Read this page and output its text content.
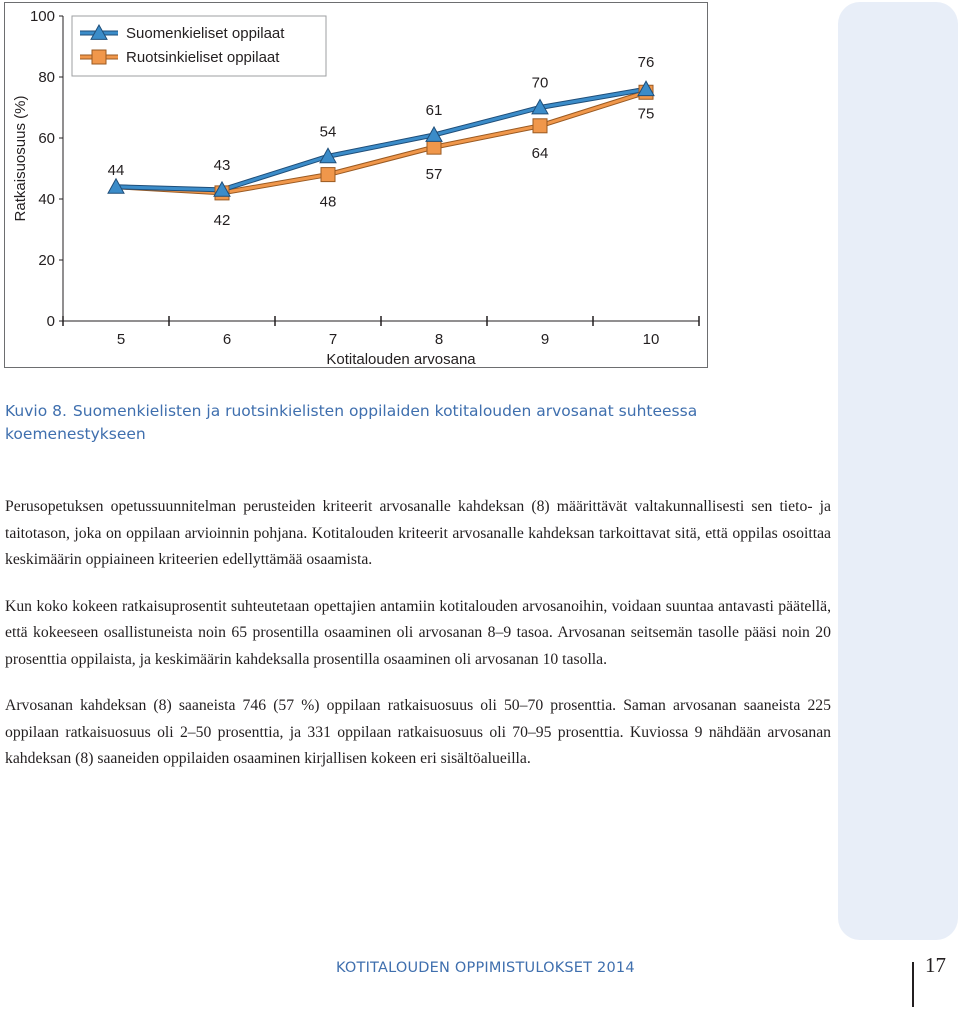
0
20
40
60
80
100
5	6	7	8	9	10
Kotitalouden arvosana
Ratkaisuosuus (%)	44	43
54
61
70
76
42
48
57
64
75
Suomenkieliset oppilaat
Ruotsinkieliset oppilaat
Kuvio 8. Suomenkielisten ja ruotsinkielisten oppilaiden kotitalouden arvosanat suhteessa koemenestykseen

Perusopetuksen opetussuunnitelman perusteiden kriteerit arvosanalle kahdeksan (8) määrittävät valtakunnallisesti sen tieto- ja taitotason, joka on oppilaan arvioinnin pohjana. Kotitalouden kriteerit arvosanalle kahdeksan tarkoittavat sitä, että oppilas osoittaa keskimäärin oppiaineen kriteerien edellyttämää osaamista.

Kun koko kokeen ratkaisuprosentit suhteutetaan opettajien antamiin kotitalouden arvosanoihin, voidaan suuntaa antavasti päätellä, että kokeeseen osallistuneista noin 65 prosentilla osaaminen oli arvosanan 8–9 tasoa. Arvosanan seitsemän tasolle pääsi noin 20 prosenttia oppilaista, ja keskimäärin kahdeksalla prosentilla osaaminen oli arvosanan 10 tasolla.

Arvosanan kahdeksan (8) saaneista 746 (57 %) oppilaan ratkaisuosuus oli 50–70 prosenttia. Saman arvosanan saaneista 225 oppilaan ratkaisuosuus oli 2–50 prosenttia, ja 331 oppilaan ratkaisuosuus oli 70–95 prosenttia. Kuviossa 9 nähdään arvosanan kahdeksan (8) saaneiden oppilaiden osaaminen kirjallisen kokeen eri sisältöalueilla.

KOTITALOUDEN OPPIMISTULOKSET 2014	17
